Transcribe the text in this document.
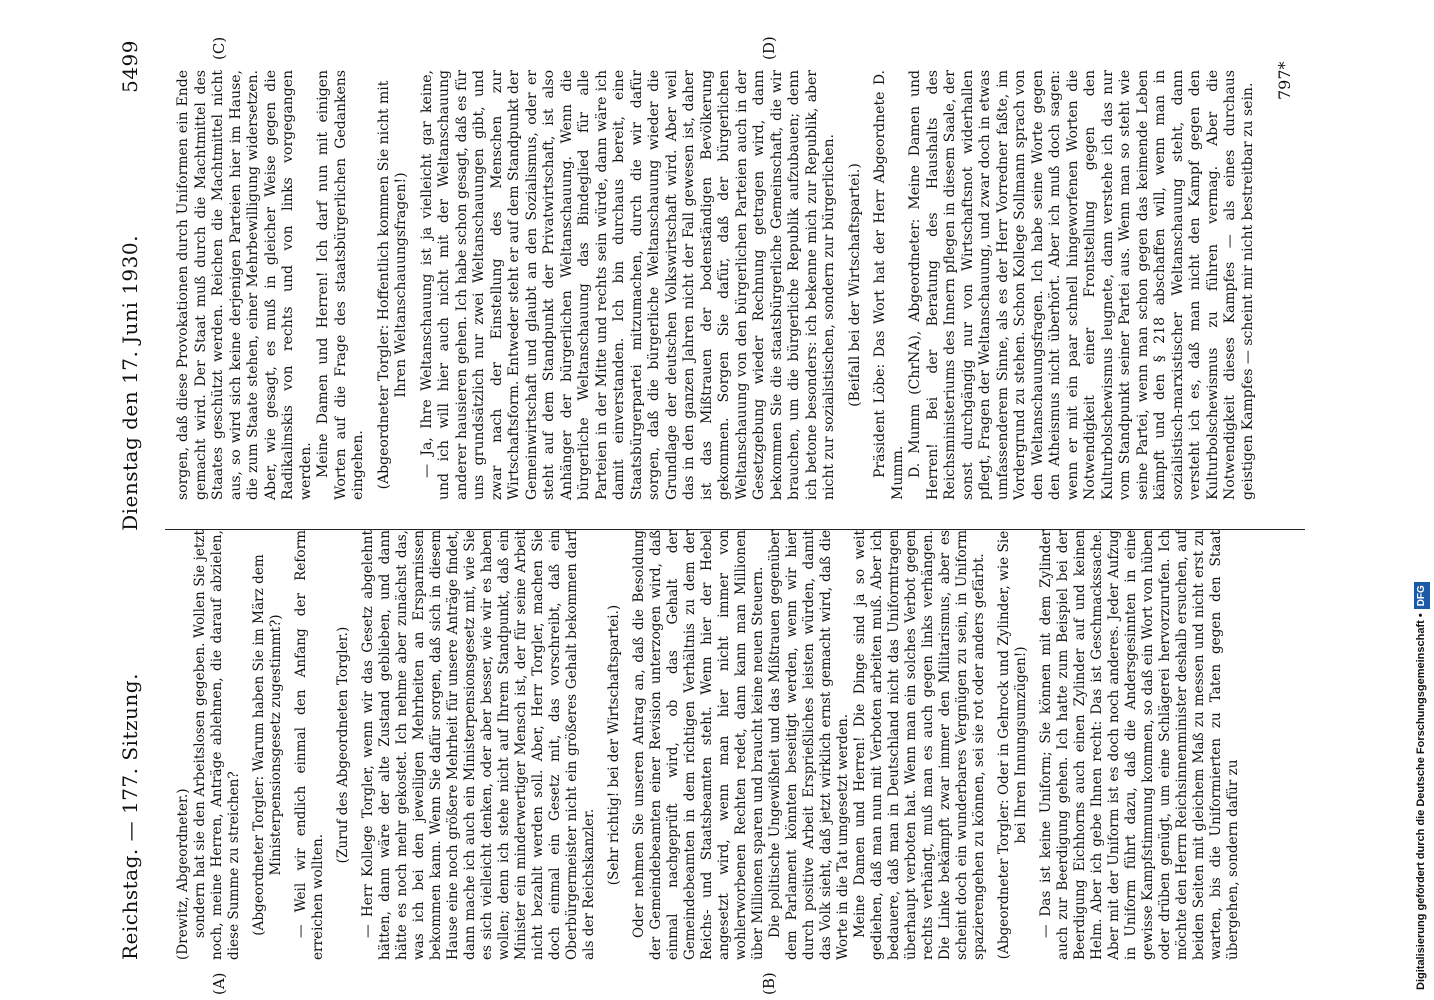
Reichstag. — 177. Sitzung.
Dienstag den 17. Juni 1930.
5499
(A)	(B)
(C)	(D)

(Drewitz, Abgeordneter.) sondern hat sie den Arbeitslosen gegeben. Wollen Sie jetzt noch, meine Herren, Anträge ablehnen, die darauf abzielen, diese Summe zu streichen? (Abgeordneter Torgler: Warum haben Sie im März dem Ministerpensionsgesetz zugestimmt?) — Weil wir endlich einmal den Anfang der Reform erreichen wollten.

(Zuruf des Abgeordneten Torgler.) — Herr Kollege Torgler, wenn wir das Gesetz abgelehnt hätten, dann wäre der alte Zustand geblieben, und dann hätte es noch mehr gekostet. Ich nehme aber zunächst das, was ich bei den jeweiligen Mehrheiten an Ersparnissen bekommen kann. Wenn Sie dafür sorgen, daß sich in diesem Hause eine noch größere Mehrheit für unsere Anträge findet, dann mache ich auch ein Ministerpensionsgesetz mit, wie Sie es sich vielleicht denken, oder aber besser, wie wir es haben wollen; denn ich stehe nicht auf Ihrem Standpunkt, daß ein Minister ein minderwertiger Mensch ist, der für seine Arbeit nicht bezahlt werden soll. Aber, Herr Torgler, machen Sie doch einmal ein Gesetz mit, das vorschreibt, daß ein Oberbürgermeister nicht ein größeres Gehalt bekommen darf als der Reichskanzler. (Sehr richtig! bei der Wirtschaftspartei.) Oder nehmen Sie unseren Antrag an, daß die Besoldung der Gemeindebeamten einer Revision unterzogen wird, daß einmal nachgeprüft wird, ob das Gehalt der Gemeindebeamten in dem richtigen Verhältnis zu dem der Reichs- und Staatsbeamten steht. Wenn hier der Hebel angesetzt wird, wenn man hier nicht immer von wohlerworbenen Rechten redet, dann kann man Millionen über Millionen sparen und braucht keine neuen Steuern. Die politische Ungewißheit und das Mißtrauen gegenüber dem Parlament könnten beseitigt werden, wenn wir hier durch positive Arbeit Ersprießliches leisten würden, damit das Volk sieht, daß jetzt wirklich ernst gemacht wird, daß die Worte in die Tat umgesetzt werden. Meine Damen und Herren! Die Dinge sind ja so weit gediehen, daß man nun mit Verboten arbeiten muß. Aber ich bedauere, daß man in Deutschland nicht das Uniformtragen überhaupt verboten hat. Wenn man ein solches Verbot gegen rechts verhängt, muß man es auch gegen links verhängen. Die Linke bekämpft zwar immer den Militarismus, aber es scheint doch ein wunderbares Vergnügen zu sein, in Uniform spazierengehen zu können, sei sie rot oder anders gefärbt. (Abgeordneter Torgler: Oder in Gehrock und Zylinder, wie Sie bei Ihren Innungsumzügen!) — Das ist keine Uniform; Sie können mit dem Zylinder auch zur Beerdigung gehen. Ich hatte zum Beispiel bei der Beerdigung Eichhorns auch einen Zylinder auf und keinen Helm. Aber ich gebe Ihnen recht: Das ist Geschmackssache. Aber mit der Uniform ist es doch noch anderes. Jeder Aufzug in Uniform führt dazu, daß die Andersgesinnten in eine gewisse Kampfstimmung kommen, so daß ein Wort von hüben oder drüben genügt, um eine Schlägerei hervorzurufen. Ich möchte den Herrn Reichsinnenminister deshalb ersuchen, auf beiden Seiten mit gleichem Maß zu messen und nicht erst zu warten, bis die Uniformierten zu Taten gegen den Staat übergehen, sondern dafür zu

sorgen, daß diese Provokationen durch Uniformen ein Ende gemacht wird. Der Staat muß durch die Machtmittel des Staates geschützt werden. Reichen die Machtmittel nicht aus, so wird sich keine derjenigen Parteien hier im Hause, die zum Staate stehen, einer Mehrbewilligung widersetzen. Aber, wie gesagt, es muß in gleicher Weise gegen die Radikalinskis von rechts und von links vorgegangen werden. Meine Damen und Herren! Ich darf nun mit einigen Worten auf die Frage des staatsbürgerlichen Gedankens eingehen. (Abgeordneter Torgler: Hoffentlich kommen Sie nicht mit Ihren Weltanschauungsfragen!) — Ja, Ihre Weltanschauung ist ja vielleicht gar keine, und ich will hier auch nicht mit der Weltanschauung anderer hausieren gehen. Ich habe schon gesagt, daß es für uns grundsätzlich nur zwei Weltanschauungen gibt, und zwar nach der Einstellung des Menschen zur Wirtschaftsform. Entweder steht er auf dem Standpunkt der Gemeinwirtschaft und glaubt an den Sozialismus, oder er steht auf dem Standpunkt der Privatwirtschaft, ist also Anhänger der bürgerlichen Weltanschauung. Wenn die bürgerliche Weltanschauung das Bindeglied für alle Parteien in der Mitte und rechts sein würde, dann wäre ich damit einverstanden. Ich bin durchaus bereit, eine Staatsbürgerpartei mitzumachen, durch die wir dafür sorgen, daß die bürgerliche Weltanschauung wieder die Grundlage der deutschen Volkswirtschaft wird. Aber weil das in den ganzen Jahren nicht der Fall gewesen ist, daher ist das Mißtrauen der bodenständigen Bevölkerung gekommen. Sorgen Sie dafür, daß der bürgerlichen Weltanschauung von den bürgerlichen Parteien auch in der Gesetzgebung wieder Rechnung getragen wird, dann bekommen Sie die staatsbürgerliche Gemeinschaft, die wir brauchen, um die bürgerliche Republik aufzubauen; denn ich betone besonders: ich bekenne mich zur Republik, aber nicht zur sozialistischen, sondern zur bürgerlichen. (Beifall bei der Wirtschaftspartei.) Präsident Löbe: Das Wort hat der Herr Abgeordnete D. Mumm. D. Mumm (ChrNA), Abgeordneter: Meine Damen und Herren! Bei der Beratung des Haushalts des Reichsministeriums des Innern pflegen in diesem Saale, der sonst durchgängig nur von Wirtschaftsnot widerhallen pflegt, Fragen der Weltanschauung, und zwar doch in etwas umfassenderem Sinne, als es der Herr Vorredner faßte, im Vordergrund zu stehen. Schon Kollege Sollmann sprach von den Weltanschauungsfragen. Ich habe seine Worte gegen den Atheismus nicht überhört. Aber ich muß doch sagen: wenn er mit ein paar schnell hingeworfenen Worten die Notwendigkeit einer Frontstellung gegen den Kulturbolschewismus leugnete, dann verstehe ich das nur vom Standpunkt seiner Partei aus. Wenn man so steht wie seine Partei, wenn man schon gegen das keimende Leben kämpft und den § 218 abschaffen will, wenn man in sozialistisch-marxistischer Weltanschauung steht, dann versteht ich es, daß man nicht den Kampf gegen den Kulturbolschewismus zu führen vermag. Aber die Notwendigkeit dieses Kampfes — als eines durchaus geistigen Kampfes — scheint mir nicht bestreitbar zu sein.

797*
Digitalisierung gefördert durch die Deutsche Forschungsgemeinschaft •DFG
